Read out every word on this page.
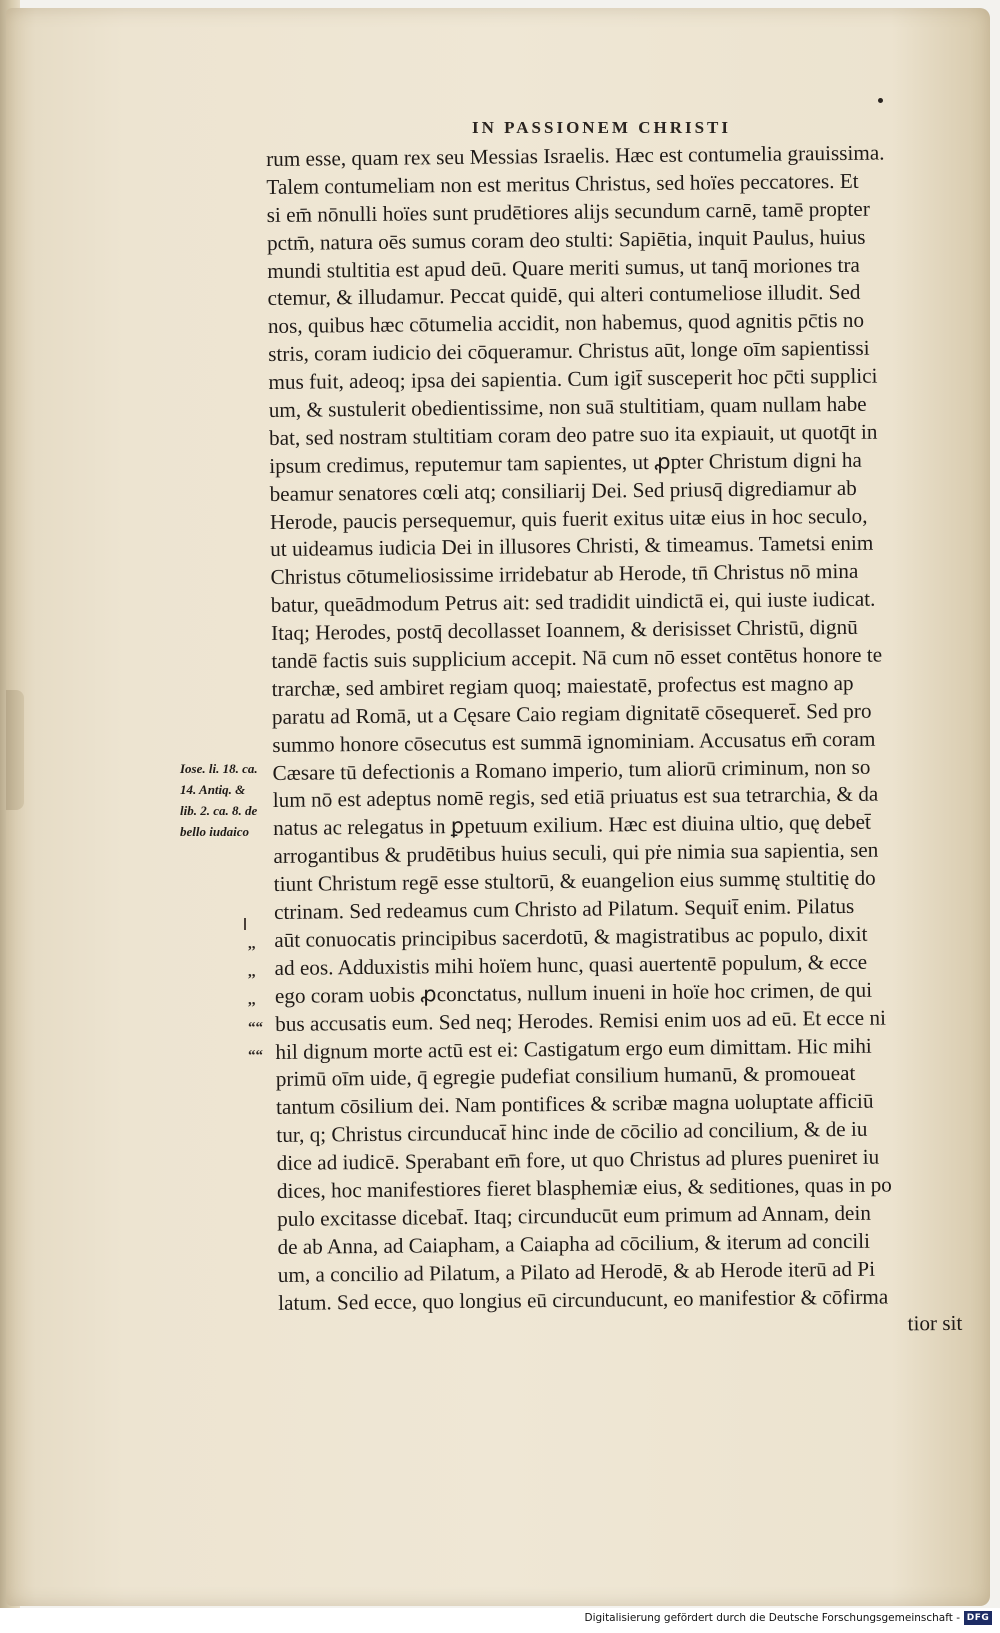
IN PASSIONEM CHRISTI
rum esse, quam rex seu Messias Israelis. Hæc est contumelia grauissima.
Talem contumeliam non est meritus Christus, sed hoïes peccatores. Et
si em̄ nōnulli hoïes sunt prudētiores alijs secundum carnē, tamē propter
pctm̄, natura oēs sumus coram deo stulti: Sapiētia, inquit Paulus, huius
mundi stultitia est apud deū. Quare meriti sumus, ut tanq̄ moriones tra
ctemur, & illudamur. Peccat quidē, qui alteri contumeliose illudit. Sed
nos, quibus hæc cōtumelia accidit, non habemus, quod agnitis pc̄tis no
stris, coram iudicio dei cōqueramur. Christus aūt, longe oīm sapientissi
mus fuit, adeoq; ipsa dei sapientia. Cum igit̄ susceperit hoc pc̄ti supplici
um, & sustulerit obedientissime, non suā stultitiam, quam nullam habe
bat, sed nostram stultitiam coram deo patre suo ita expiauit, ut quotq̄t in
ipsum credimus, reputemur tam sapientes, ut ꝓpter Christum digni ha
beamur senatores cœli atq; consiliarij Dei. Sed priusq̄ digrediamur ab
Herode, paucis persequemur, quis fuerit exitus uitæ eius in hoc seculo,
ut uideamus iudicia Dei in illusores Christi, & timeamus. Tametsi enim
Christus cōtumeliosissime irridebatur ab Herode, tn̄ Christus nō mina
batur, queādmodum Petrus ait: sed tradidit uindictā ei, qui iuste iudicat.
Itaq; Herodes, postq̄ decollasset Ioannem, & derisisset Christū, dignū
tandē factis suis supplicium accepit. Nā cum nō esset contētus honore te
trarchæ, sed ambiret regiam quoq; maiestatē, profectus est magno ap
paratu ad Romā, ut a Cęsare Caio regiam dignitatē cōsequeret̄. Sed pro
summo honore cōsecutus est summā ignominiam. Accusatus em̄ coram
Cæsare tū defectionis a Romano imperio, tum aliorū criminum, non so
lum nō est adeptus nomē regis, sed etiā priuatus est sua tetrarchia, & da
natus ac relegatus in ꝑpetuum exilium. Hæc est diuina ultio, quę debet̄
arrogantibus & prudētibus huius seculi, qui pṙe nimia sua sapientia, sen
tiunt Christum regē esse stultorū, & euangelion eius summę stultitię do
ctrinam. Sed redeamus cum Christo ad Pilatum. Sequit̄ enim. Pilatus
aūt conuocatis principibus sacerdotū, & magistratibus ac populo, dixit
ad eos. Adduxistis mihi hoïem hunc, quasi auertentē populum, & ecce
ego coram uobis ꝓconctatus, nullum inueni in hoïe hoc crimen, de qui
bus accusatis eum. Sed neq; Herodes. Remisi enim uos ad eū. Et ecce ni
hil dignum morte actū est ei: Castigatum ergo eum dimittam. Hic mihi
primū oīm uide, q̄ egregie pudefiat consilium humanū, & promoueat
tantum cōsilium dei. Nam pontifices & scribæ magna uoluptate afficiū
tur, q; Christus circunducat̄ hinc inde de cōcilio ad concilium, & de iu
dice ad iudicē. Sperabant em̄ fore, ut quo Christus ad plures pueniret iu
dices, hoc manifestiores fieret blasphemiæ eius, & seditiones, quas in po
pulo excitasse dicebat̄. Itaq; circunducūt eum primum ad Annam, dein
de ab Anna, ad Caiapham, a Caiapha ad cōcilium, & iterum ad concili
um, a concilio ad Pilatum, a Pilato ad Herodē, & ab Herode iterū ad Pi
latum. Sed ecce, quo longius eū circunducunt, eo manifestior & cōfirma
tior sit
Iose. li. 18. ca.
14. Antiq. &
lib. 2. ca. 8. de
bello iudaico
,,
,,
,,
““
““
Digitalisierung gefördert durch die Deutsche Forschungsgemeinschaft - DFG
